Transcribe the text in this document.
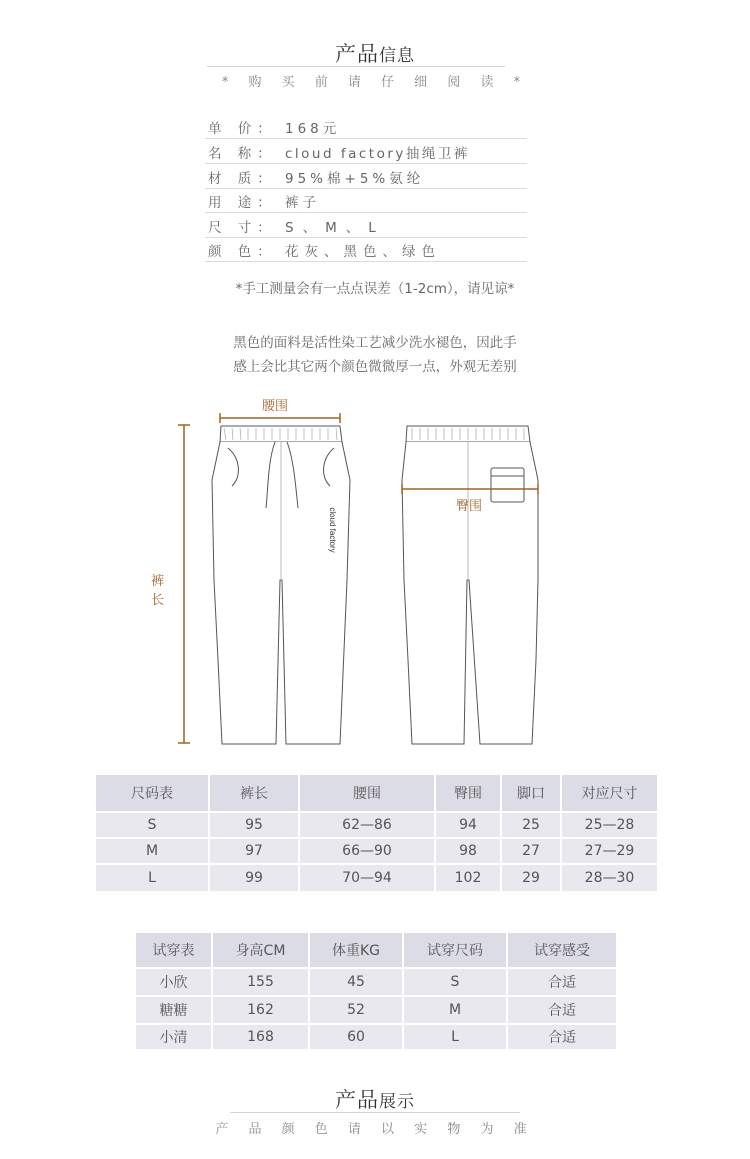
产品信息
* 购 买 前 请 仔 细 阅 读 *
单 价： 168元
名 称： cloud factory抽绳卫裤
材 质： 95%棉+5%氨纶
用 途： 裤子
尺 寸： S、M、L
颜 色： 花灰、黑色、绿色
*手工测量会有一点点误差（1-2cm），请见谅*
黑色的面料是活性染工艺减少洗水褪色，因此手
感上会比其它两个颜色微微厚一点，外观无差别
cloud factory
腰围
臀围
裤
长
尺码表	裤长	腰围	臀围	脚口	对应尺寸
S	95	62—86	94	25	25—28
M	97	66—90	98	27	27—29
L	99	70—94	102	29	28—30
试穿表	身高CM	体重KG	试穿尺码	试穿感受
小欣	155	45	S	合适
糖糖	162	52	M	合适
小清	168	60	L	合适
产品展示
产 品 颜 色 请 以 实 物 为 准
